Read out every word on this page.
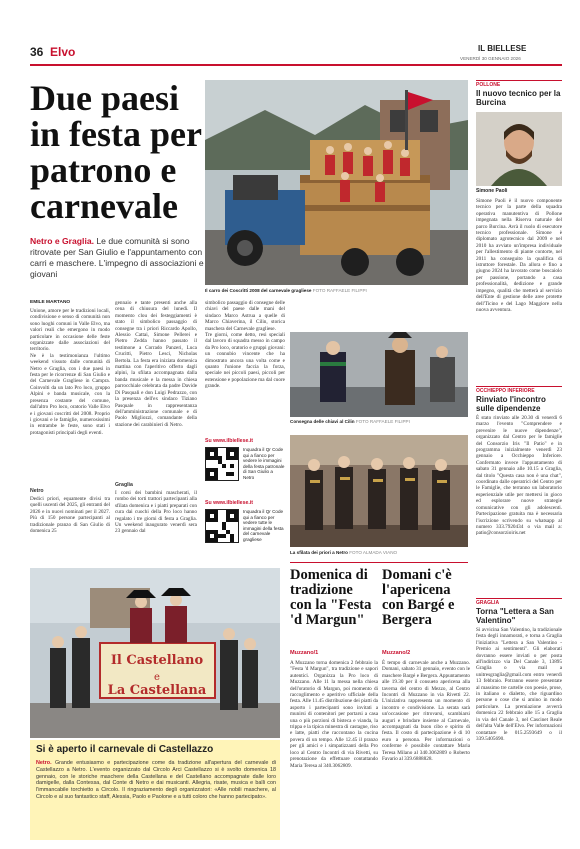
36 Elvo	IL BIELLESE
VENERDÌ 30 GENNAIO 2026
Due paesi in festa per patrono e carnevale
Netro e Graglia. Le due comunità si sono ritrovate per San Giulio e l'appuntamento con carri e maschere. L'impegno di associazioni e giovani
Il carro dei Coscritti 2008 del carnevale gragliese FOTO RAFFAELE FILIPPI
EMILE MARTANO
Unione, amore per le tradizioni locali, condivisione e senso di comunità non sono luoghi comuni in Valle Elvo, ma valori reali che emergono in modo particolare in occasione delle feste organizzate dalle associazioni del territorio.
Ne è la testimonianza l'ultimo weekend vissuto dalle comunità di Netro e Graglia, con i due paesi in festa per le ricorrenze di San Giulio e del Carnevale Gragliese in Campra. Coinvolti da un lato Pro loco, gruppo Alpini e banda musicale, con la presenza costante del comune, dall'altro Pro loco, oratorio Valle Elvo e i giovani coscritti del 2008. Proprio i giovani e le famiglie, numerosissimi in entrambe le feste, sono stati i protagonisti principali degli eventi.
Netro
Dedici priori, equamente divisi tra quelli uscenti del 2025, gli entranti del 2026 e in nuovi nominati per il 2027. Più di 150 persone partecipanti al tradizionale pranzo di San Giulio di domenica 25
gennaio e tante presenti anche alla cena di chiusura del lunedì. Il momento clou dei festeggiamenti è stato il simbolico passaggio di consegne tra i priori Riccardo Apollo, Alessio Cattai, Simone Pellerei e Pietro Zedda hanno passato il testimone a Corrado Panzeri, Luca Crucitti, Pietro Lesci, Nicholas Bertola. La festa era iniziata domenica mattina con l'aperitivo offerto dagli alpini, la sfilata accompagnata dalla banda musicale e la messa in chiesa parrocchiale celebrata da padre Davide Di Pasquali e don Luigi Pedrazzo, con la presenza dell'ex sindaco Tiziano Pasquale in rappresentanza dell'amministrazione comunale e di Paolo Migliozzi, comandante della stazione dei carabinieri di Netro.
Graglia
I corsi dei bambini mascherati, il rombo dei torti trattori partecipanti alla sfilata domenica e i piatti preparati con cura dai cuochi della Pro loco hanno regalato i tre giorni di festa a Graglia. Un weekend inaugurato venerdì sera 23 gennaio dal
simbolico passaggio di consegne delle chiavi del paese dalle mani del sindaco Marco Astrua a quelle di Marco Chiaverina, il Cilin, storica maschera del Carnevale gragliese.
Tre giorni, come detto, resi speciali dal lavoro di squadra messo in campo da Pro loco, oratorio e gruppi giovani: un connubio vincente che ha dimostrato ancora una volta come e quanto l'unione faccia la forza, speciale nei piccoli paesi, piccoli per estensione e popolazione ma dal cuore grande.
Su www.ilbiellese.it
Inquadra il Qr Code qui a fianco per vedere le immagini della festa patronale di San Giulio a Netro
Su www.ilbiellese.it
Inquadra il Qr Code qui a fianco per vedere tutte le immagini della festa del carnevale gragliese
Consegna delle chiavi al Cilin FOTO RAFFAELE FILIPPI
La sfilata dei priori a Netro FOTO ALMADA VIANO
POLLONE
Il nuovo tecnico per la Burcina
Simone Paoli
Simone Paoli è il nuovo componente tecnico per la parte della squadra operativa manutentiva di Pollone impegnata nella Riserva naturale del parco Burcina. Avrà il ruolo di esecutore tecnico professionale. Simone è diplomato agrotecnico dal 2009 e nel 2010 ha avviato un'impresa individuale per l'allestimento di piante contorte, nel 2011 ha conseguito la qualifica di istruttore forestale. Da allora e fino a giugno 2024 ha lavorato come boscaiolo per passione, portando a casa professionalità, dedizione e grande impegno, qualità che metterà al servizio dell'Ente di gestione delle aree protette dell'Ticino e del Lago Maggiore nella nuova avventura.
OCCHIEPPO INFERIORE
Rinviato l'incontro sulle dipendenze
È stato rinviato alle 20.30 di venerdì 6 marzo l'evento "Comprendere e prevenire le nuove dipendenze", organizzato dal Centro per le famiglie del Consorzio Iris "Il Patio" e in programma inizialmente venerdì 23 gennaio a Occhieppo Inferiore. Confermato invece l'appuntamento di sabato 31 gennaio alle 10.15 a Graglia, dal titolo "Questa casa non è una chat", coordinato dalle operatrici del Centro per le Famiglie, che terranno un laboratorio esperienziale utile per mettersi in gioco ed esplorare nuove strategie comunicative con gli adolescenti. Partecipazione gratuita ma è necessaria l'iscrizione scrivendo su whatsapp al numero 333.7920434 o via mail a: patio@consorzioiris.net
GRAGLIA
Torna "Lettera a San Valentino"
Si avvicina San Valentino, la tradizionale festa degli innamorati, e torna a Graglia l'iniziativa "Lettera a San Valentino - Premio ai sentimenti". Gli elaborati dovranno essere inviati o per posta all'indirizzo via Del Canale 3, 13895 Graglia o via mail a unitresgraglia@gmail.com entro venerdì 13 febbraio. Potranno essere presentate al massimo tre cartelle con poesie, prose, in italiano o dialetto, che riguardino persone o cose che si amino in modo particolare. La premiazione avverrà domenica 22 febbraio alle 15 a Graglia in via del Canale 3, nel Cascinet Reale dell'alta Valle dell'Elvo. Per informazioni contattare le 015.2593649 o il 339.5405690.
Il Castellano
e
La Castellana
Si è aperto il carnevale di Castellazzo
Netro. Grande entusiasmo e partecipazione come da tradizione all'apertura del carnevale di Castellazzo a Netro. L'evento organizzato dal Circolo Arci Castellazzo si è svolto domenica 18 gennaio, con le storiche maschere della Castellana e del Castellano accompagnate dalle loro damigelle, dalla Contessa, dal Conte di Netro e dai musicanti. Allegria, risate, musica e balli con l'immancabile torchietto a Circolo. Il ringraziamento degli organizzatori: «Alle nobili maschere, al Circolo e al suo fantastico staff, Alessia, Paolo e Paolone e a tutti coloro che hanno partecipato».
Domenica di tradizione con la "Festa 'd Margun"
Muzzano/1
A Muzzano torna domenica 2 febbraio la "Festa 'd Margun", tra tradizione e sapori autentici. Organizza la Pro loco di Muzzano. Alle 11 la messa nella chiesa dell'oratorio di Margun, poi momento di raccoglimento e aperitivo ufficiale della festa. Alle 11.45 distribuzione dei piatti da asporto i partecipanti sono invitati a munirsi di contenitori per portarsi a casa una o più porzioni di bisteca e vianda, la trippa e la tipica minestra di castagne, riso e latte, piatti che raccontano la cucina povera di un tempo. Alle 12.45 il pranzo per gli amici e i simpatizzanti della Pro loco al Centro Incontri di via Rivetti, su prenotazione da effettuare contattando Maria Teresa al 340.3062809.
Domani c'è l'apericena con Bargé e Bergera
Muzzano/2
È tempo di carnevale anche a Muzzano. Domani, sabato 31 gennaio, evento con le maschere Bargé e Bergera. Appuntamento alle 19.30 per il consueto apericena alla taverna del centro di Mezzo, al Centro Incontri di Muzzano in via Rivetti 22. L'iniziativa rappresenta un momento di incontro e condivisione. La serata sarà un'occasione per ritrovarsi, scambiarsi auguri e brindare insieme al Carnevale, accompagnati da buon cibo e spirito di festa. Il costo di partecipazione è di 10 euro a persona. Per informazioni o conferme è possibile contattare Maria Teresa Milano al 340.3062809 o Roberto Favario al 339.6888828.
